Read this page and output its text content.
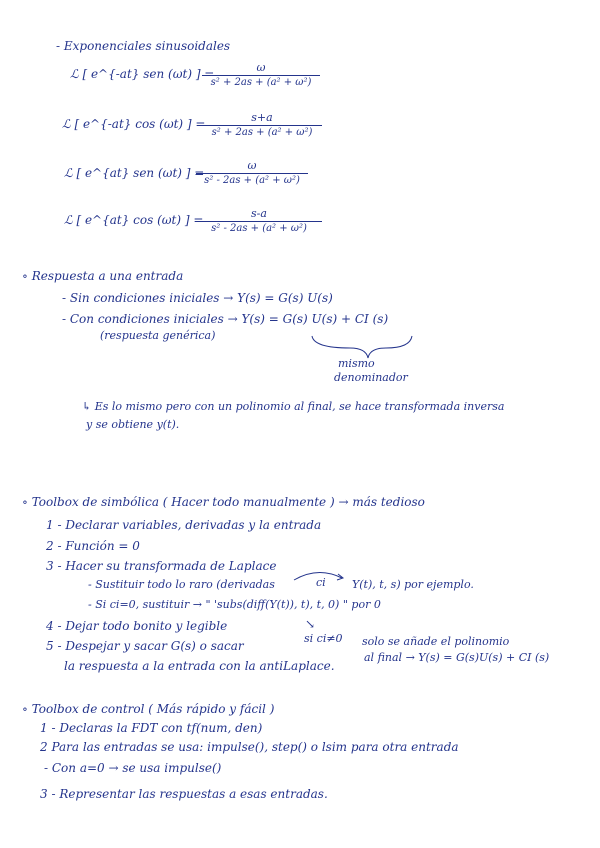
- Exponenciales sinusoidales
ℒ [ e^{-at} sen (ωt) ] =	ω
s² + 2as + (a² + ω²)
ℒ [ e^{-at} cos (ωt) ] =	s+a
s² + 2as + (a² + ω²)
ℒ [ e^{at} sen (ωt) ] =
ω
s² - 2as + (a² + ω²)
ℒ [ e^{at} cos (ωt) ] =	s-a
s² - 2as + (a² + ω²)
∘ Respuesta a una entrada
- Sin condiciones iniciales → Y(s) = G(s) U(s)
- Con condiciones iniciales → Y(s) = G(s) U(s) + CI (s)
(respuesta genérica)
mismo
denominador
↳ Es lo mismo pero con un polinomio al final, se hace transformada inversa
y se obtiene y(t).
∘ Toolbox de simbólica ( Hacer todo manualmente ) → más tedioso
1 - Declarar variables, derivadas y la entrada
2 - Función = 0
3 - Hacer su transformada de Laplace
- Sustituir todo lo raro (derivadas	ci Y(t), t, s) por ejemplo.
- Si ci=0, sustituir → " 'subs(diff(Y(t)), t), t, 0) " por 0
4 - Dejar todo bonito y legible
5 - Despejar y sacar G(s) o sacar
la respuesta a la entrada con la antiLaplace.
↘
si ci≠0 solo se añade el polinomio
al final → Y(s) = G(s)U(s) + CI (s)
∘ Toolbox de control ( Más rápido y fácil )
1 - Declaras la FDT con tf(num, den)
2 Para las entradas se usa: impulse(), step() o lsim para otra entrada
- Con a=0 → se usa impulse()
3 - Representar las respuestas a esas entradas.
